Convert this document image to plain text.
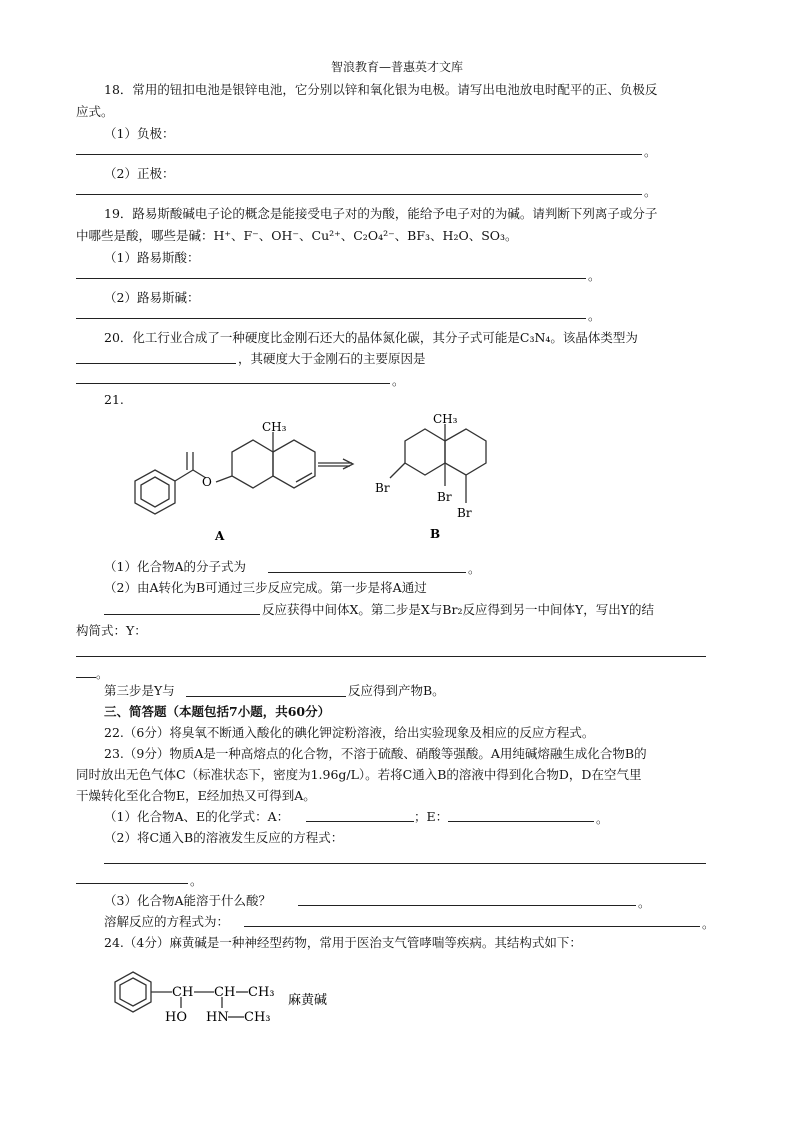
智浪教育—普惠英才文库
18．常用的钮扣电池是银锌电池，它分别以锌和氧化银为电极。请写出电池放电时配平的正、负极反
应式。
（1）负极：
。
（2）正极：
。
19．路易斯酸碱电子论的概念是能接受电子对的为酸，能给予电子对的为碱。请判断下列离子或分子
中哪些是酸，哪些是碱：H⁺、F⁻、OH⁻、Cu²⁺、C₂O₄²⁻、BF₃、H₂O、SO₃。
（1）路易斯酸：
。
（2）路易斯碱：
。
20．化工行业合成了一种硬度比金刚石还大的晶体氮化碳，其分子式可能是C₃N₄。该晶体类型为
，其硬度大于金刚石的主要原因是
。
21.
CH₃
O
CH₃
Br
Br
Br
A	B
（1）化合物A的分子式为	。
（2）由A转化为B可通过三步反应完成。第一步是将A通过
反应获得中间体X。第二步是X与Br₂反应得到另一中间体Y，写出Y的结
构简式：Y：
。
第三步是Y与	反应得到产物B。
三、简答题（本题包括7小题，共60分）
22.（6分）将臭氧不断通入酸化的碘化钾淀粉溶液，给出实验现象及相应的反应方程式。
23.（9分）物质A是一种高熔点的化合物，不溶于硫酸、硝酸等强酸。A用纯碱熔融生成化合物B的
同时放出无色气体C（标准状态下，密度为1.96g/L）。若将C通入B的溶液中得到化合物D，D在空气里
干燥转化至化合物E，E经加热又可得到A。
（1）化合物A、E的化学式：A：	；E：	。
（2）将C通入B的溶液发生反应的方程式：
。
（3）化合物A能溶于什么酸？	。
溶解反应的方程式为：	。
24.（4分）麻黄碱是一种神经型药物，常用于医治支气管哮喘等疾病。其结构式如下：
CH CH CH₃
HO HN CH₃
麻黄碱
